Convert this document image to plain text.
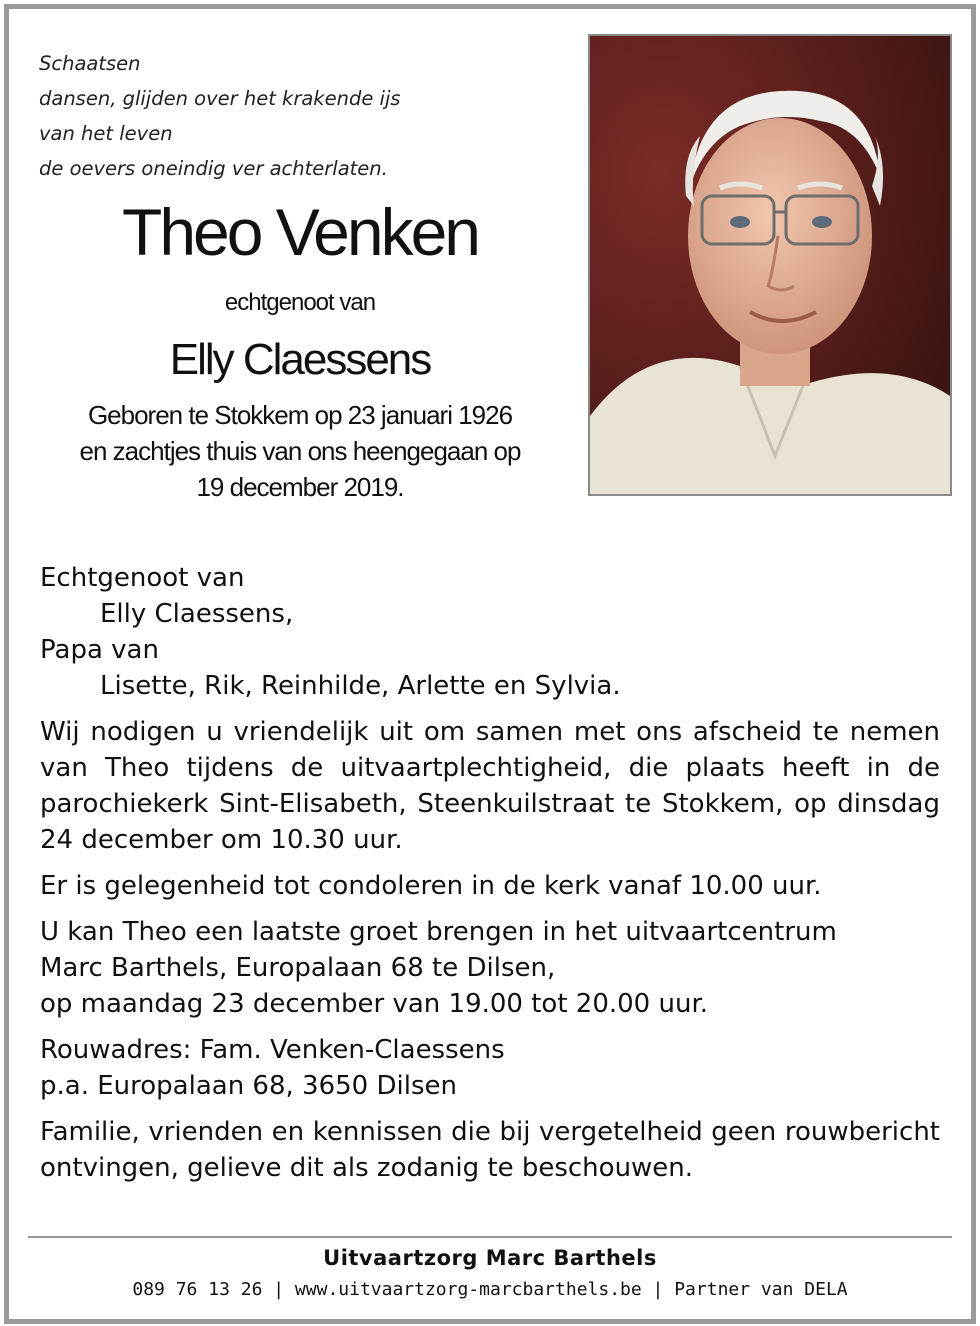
Schaatsen
dansen, glijden over het krakende ijs
van het leven
de oevers oneindig ver achterlaten.
Theo Venken
echtgenoot van
Elly Claessens
Geboren te Stokkem op 23 januari 1926
en zachtjes thuis van ons heengegaan op
19 december 2019.
Echtgenoot van
Elly Claessens,
Papa van
Lisette, Rik, Reinhilde, Arlette en Sylvia.

Wij nodigen u vriendelijk uit om samen met ons afscheid te nemen van Theo tijdens de uitvaartplechtigheid, die plaats heeft in de parochiekerk Sint-Elisabeth, Steenkuilstraat te Stokkem, op dinsdag 24 december om 10.30 uur.

Er is gelegenheid tot condoleren in de kerk vanaf 10.00 uur.
U kan Theo een laatste groet brengen in het uitvaartcentrum
Marc Barthels, Europalaan 68 te Dilsen,
op maandag 23 december van 19.00 tot 20.00 uur.
Rouwadres: Fam. Venken-Claessens
p.a. Europalaan 68, 3650 Dilsen

Familie, vrienden en kennissen die bij vergetelheid geen rouwbericht ontvingen, gelieve dit als zodanig te beschouwen.

Uitvaartzorg Marc Barthels
089 76 13 26 | www.uitvaartzorg-marcbarthels.be | Partner van DELA
